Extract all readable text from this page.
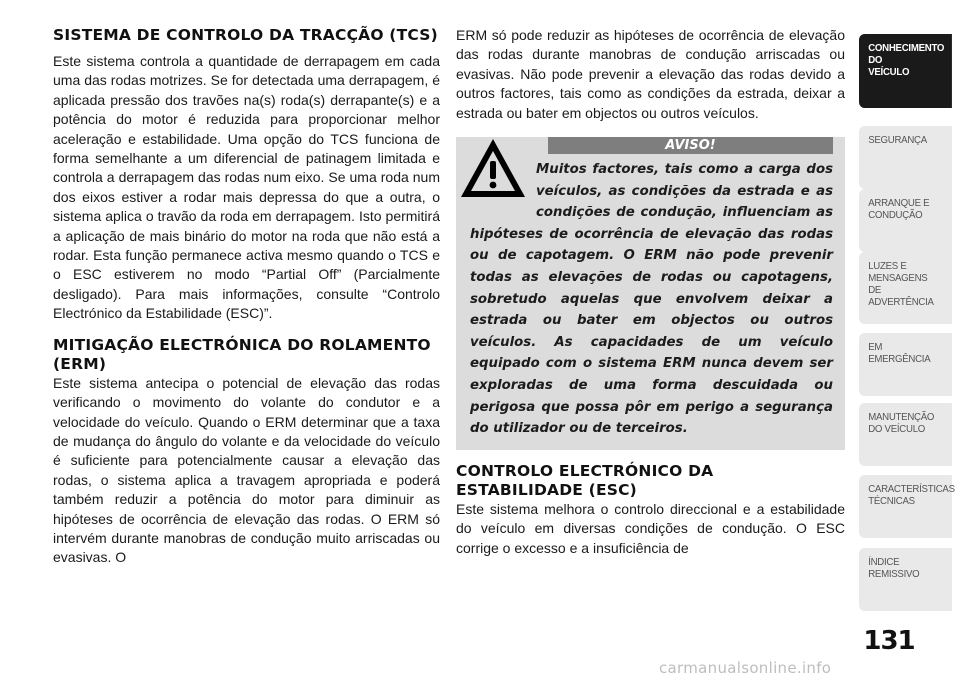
SISTEMA DE CONTROLO DA TRACÇÃO (TCS)

Este sistema controla a quantidade de derrapagem em cada uma das rodas motrizes. Se for detectada uma derrapagem, é aplicada pressão dos travões na(s) roda(s) derrapante(s) e a potência do motor é reduzida para proporcionar melhor aceleração e estabilidade. Uma opção do TCS funciona de forma semelhante a um diferencial de patinagem limitada e controla a derrapagem das rodas num eixo. Se uma roda num dos eixos estiver a rodar mais depressa do que a outra, o sistema aplica o travão da roda em derrapagem. Isto permitirá a aplicação de mais binário do motor na roda que não está a rodar. Esta função permanece activa mesmo quando o TCS e o ESC estiverem no modo “Partial Off” (Parcialmente desligado). Para mais informações, consulte “Controlo Electrónico da Estabilidade (ESC)”.

MITIGAÇÃO ELECTRÓNICA DO ROLAMENTO (ERM)

Este sistema antecipa o potencial de elevação das rodas verificando o movimento do volante do condutor e a velocidade do veículo. Quando o ERM determinar que a taxa de mudança do ângulo do volante e da velocidade do veículo é suficiente para potencialmente causar a elevação das rodas, o sistema aplica a travagem apropriada e poderá também reduzir a potência do motor para diminuir as hipóteses de ocorrência de elevação das rodas. O ERM só intervém durante manobras de condução muito arriscadas ou evasivas. O

ERM só pode reduzir as hipóteses de ocorrência de elevação das rodas durante manobras de condução arriscadas ou evasivas. Não pode prevenir a elevação das rodas devido a outros factores, tais como as condições da estrada, deixar a estrada ou bater em objectos ou outros veículos.

AVISO!

Muitos factores, tais como a carga dos veículos, as condições da estrada e as condições de condução, influenciam as hipóteses de ocorrência de elevação das rodas ou de capotagem. O ERM não pode prevenir todas as elevações de rodas ou capotagens, sobretudo aquelas que envolvem deixar a estrada ou bater em objectos ou outros veículos. As capacidades de um veículo equipado com o sistema ERM nunca devem ser exploradas de uma forma descuidada ou perigosa que possa pôr em perigo a segurança do utilizador ou de terceiros.

CONTROLO ELECTRÓNICO DA ESTABILIDADE (ESC)

Este sistema melhora o controlo direccional e a estabilidade do veículo em diversas condições de condução. O ESC corrige o excesso e a insuficiência de

CONHECIMENTO
DO
VEÍCULO
SEGURANÇA
ARRANQUE E
CONDUÇÃO
LUZES E
MENSAGENS
DE
ADVERTÊNCIA
EM
EMERGÊNCIA
MANUTENÇÃO
DO VEÍCULO
CARACTERÍSTICAS
TÉCNICAS
ÍNDICE
REMISSIVO
131
carmanualsonline.info
